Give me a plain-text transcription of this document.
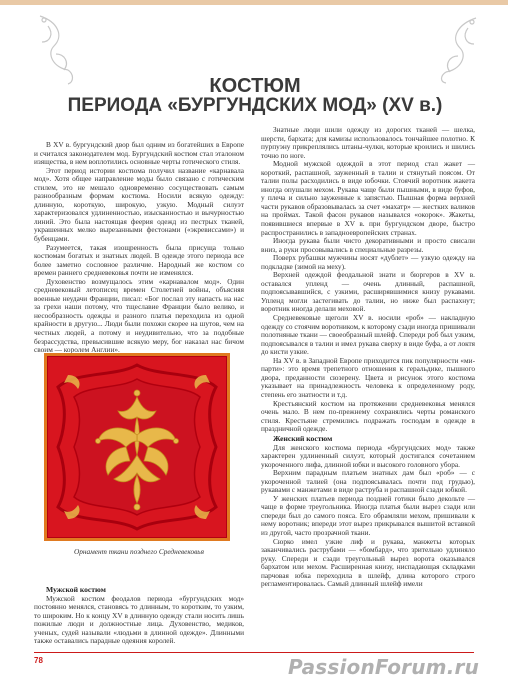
КОСТЮМ
ПЕРИОДА «БУРГУНДСКИХ МОД» (XV в.)

В XV в. бургундский двор был одним из богатейших в Европе и считался законодателем мод. Бургундский костюм стал эталоном изящества, в нем воплотились основные черты готического стиля.

Этот период истории костюма получил название «карнавала мод». Хотя общее направление моды было связано с готическим стилем, это не мешало одновременно сосуществовать самым разнообразным формам костюма. Носили всякую одежду: длинную, короткую, широкую, узкую. Модный силуэт характеризовался удлиненностью, изысканностью и вычурностью линий. Это была настоящая феерия одежд из пестрых тканей, украшенных мелко вырезанными фестонами («экревиссами») и бубенцами.

Разумеется, такая изощренность была присуща только костюмам богатых и знатных людей. В одежде этого периода все более заметно сословное различие. Народный же костюм со времен раннего средневековья почти не изменялся.

Духовенство возмущалось этим «карнавалом мод». Один средневековый летописец времен Столетней войны, объясняя военные неудачи Франции, писал: «Бог послал эту напасть на нас за грехи наши потому, что тщеславие Франции было велико, и несообразность одежды и разного платья переходила из одной крайности в другую... Люди были похожи скорее на шутов, чем на честных людей, а потому и неудивительно, что за подобные безрассудства, превысившие всякую меру, бог наказал нас бичом своим — королем Англии».

Орнамент ткани позднего Средневековья

Мужской костюм

Мужской костюм феодалов периода «бургундских мод» постоянно менялся, становясь то длинным, то коротким, то узким, то широким. Но к концу XV в длинную одежду стали носить лишь пожилые люди и должностные лица. Духовенство, медиков, ученых, судей называли «людьми в длинной одежде». Длинными также оставались парадные одеяния королей.

Знатные люди шили одежду из дорогих тканей — шелка, шерсти, бархата; для камизы использовалось тончайшее полотно. К пурпуэну прикреплялись штаны-чулки, которые кроились и шились точно по ноге.

Модной мужской одеждой в этот период стал жакет — короткий, распашной, зауженный в талии и стянутый поясом. От талии полы расходились в виде юбочки. Стоячий воротник жакета иногда опушали мехом. Рукава чаще были пышными, в виде буфов, у плеча и сильно зауженные к запястью. Пышная форма верхней части рукавов образовывалась за счет «махатр» — жестких валиков на проймах. Такой фасон рукавов назывался «окорок». Жакеты, появившиеся впервые в XV в. при бургундском дворе, быстро распространились в западноевропейских странах.

Иногда рукава были чисто декоративными и просто свисали вниз, а руки просовывались в специальные разрезы.

Поверх рубашки мужчины носят «дублет» — узкую одежду на подкладке (зимой на меху).

Верхней одеждой феодальной знати и бюргеров в XV в. оставался упленд — очень длинный, распашной, подпоясывавшийся, с узкими, расширявшимися книзу рукавами. Упленд могли застегивать до талии, но ниже был распахнут; воротник иногда делали меховой.

Средневековые щеголи XV в. носили «роб» — накладную одежду со стоячим воротником, к которому сзади иногда пришивали полотняные ткани — своеобразный шлейф. Спереди роб был узким, подпоясывался в талии и имел рукава сверху в виде буфа, а от локтя до кисти узкие.

На XV в. в Западной Европе приходится пик популярности «ми-парти»: это время трепетного отношения к геральдике, пышного двора, преданности сюзерену. Цвета и рисунок этого костюма указывает на принадлежность человека к определенному роду, степень его знатности и т.д.

Крестьянский костюм на протяжении средневековья менялся очень мало. В нем по-прежнему сохранялись черты романского стиля. Крестьяне стремились подражать господам в одежде в праздничной одежде.

Женский костюм

Для женского костюма периода «бургундских мод» также характерен удлиненный силуэт, который достигался сочетанием укороченного лифа, длинной юбки и высокого головного убора.

Верхним парадным платьем знатных дам был «роб» — с укороченной талией (она подпоясывалась почти под грудью), рукавами с манжетами в виде раструба и распашной сзади юбкой.

У женских платьев периода поздней готики было декольте — чаще в форме треугольника. Иногда платья были вырез сзади или спереди был до самого пояса. Его обрамляли мехом, пришивали к нему воротник; впереди этот вырез прикрывался вышитой вставкой из другой, часто прозрачной ткани.

Сюрко имел узкие лиф и рукава, манжеты которых заканчивались раструбами — «бомбард», что зрительно удлиняло руку. Спереди и сзади треугольный вырез ворота оказывался бархатом или мехом. Расширенная книзу, ниспадающая складками парчовая юбка переходила в шлейф, длина которого строго регламентировалась. Самый длинный шлейф имели

78	PassionForum.ru
